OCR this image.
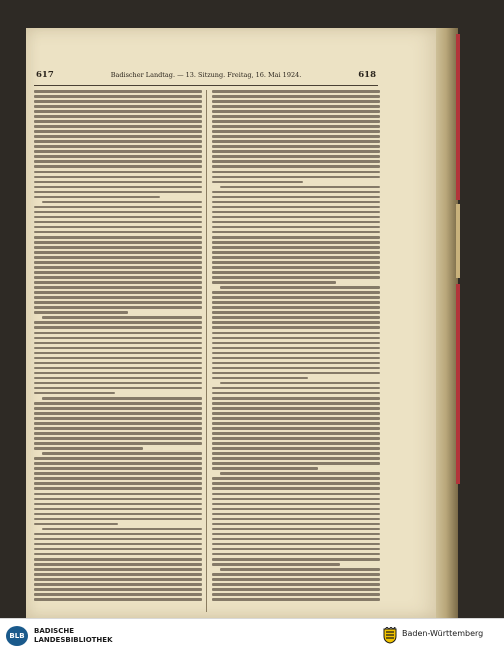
617	Badischer Landtag. — 13. Sitzung. Freitag, 16. Mai 1924.	618
BLB
BADISCHE
LANDESBIBLIOTHEK
Baden-Württemberg
